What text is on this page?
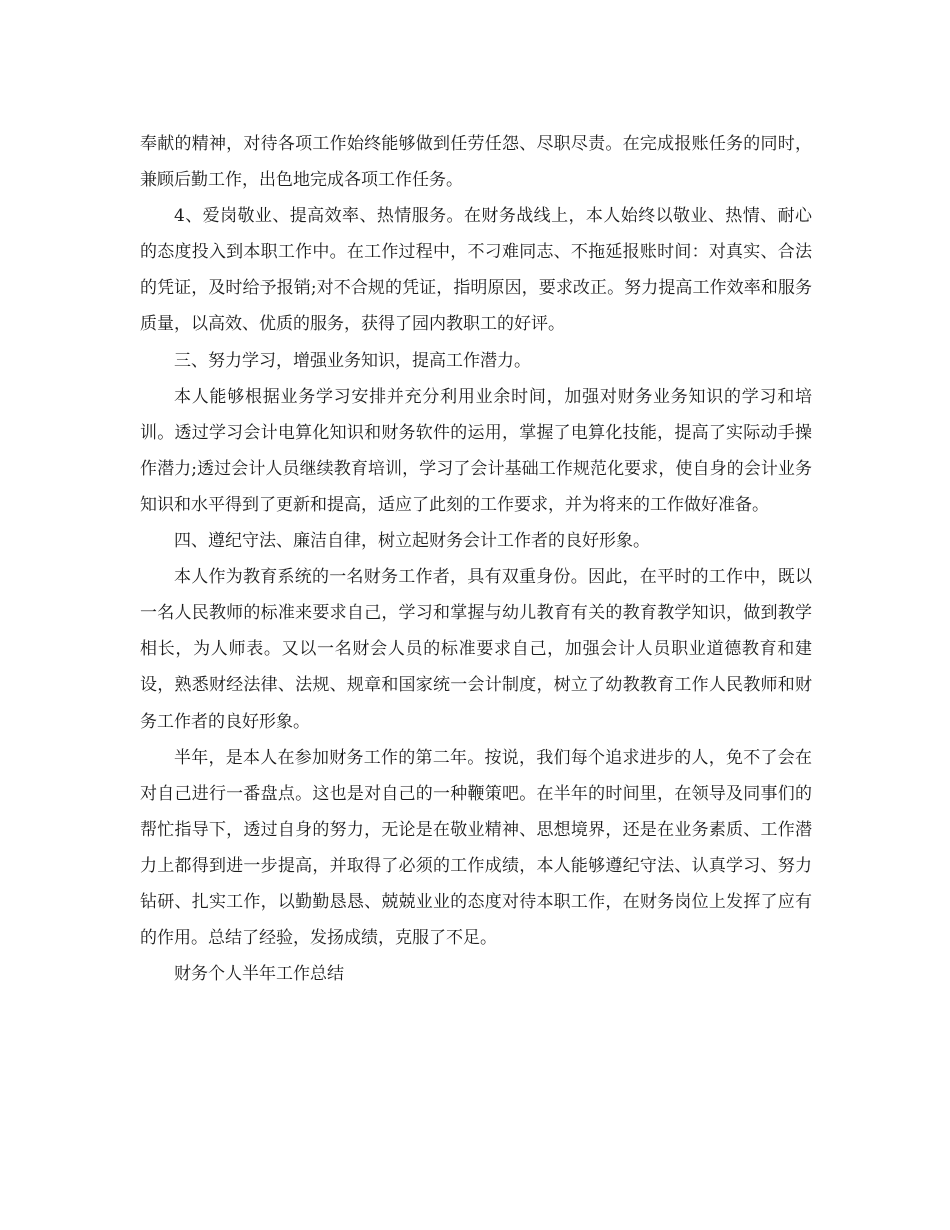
奉献的精神，对待各项工作始终能够做到任劳任怨、尽职尽责。在完成报账任务的同时，兼顾后勤工作，出色地完成各项工作任务。

4、爱岗敬业、提高效率、热情服务。在财务战线上，本人始终以敬业、热情、耐心的态度投入到本职工作中。在工作过程中，不刁难同志、不拖延报账时间：对真实、合法的凭证，及时给予报销;对不合规的凭证，指明原因，要求改正。努力提高工作效率和服务质量，以高效、优质的服务，获得了园内教职工的好评。

三、努力学习，增强业务知识，提高工作潜力。

本人能够根据业务学习安排并充分利用业余时间，加强对财务业务知识的学习和培训。透过学习会计电算化知识和财务软件的运用，掌握了电算化技能，提高了实际动手操作潜力;透过会计人员继续教育培训，学习了会计基础工作规范化要求，使自身的会计业务知识和水平得到了更新和提高，适应了此刻的工作要求，并为将来的工作做好准备。

四、遵纪守法、廉洁自律，树立起财务会计工作者的良好形象。

本人作为教育系统的一名财务工作者，具有双重身份。因此，在平时的工作中，既以一名人民教师的标准来要求自己，学习和掌握与幼儿教育有关的教育教学知识，做到教学相长，为人师表。又以一名财会人员的标准要求自己，加强会计人员职业道德教育和建设，熟悉财经法律、法规、规章和国家统一会计制度，树立了幼教教育工作人民教师和财务工作者的良好形象。

半年，是本人在参加财务工作的第二年。按说，我们每个追求进步的人，免不了会在对自己进行一番盘点。这也是对自己的一种鞭策吧。在半年的时间里，在领导及同事们的帮忙指导下，透过自身的努力，无论是在敬业精神、思想境界，还是在业务素质、工作潜力上都得到进一步提高，并取得了必须的工作成绩，本人能够遵纪守法、认真学习、努力钻研、扎实工作，以勤勤恳恳、兢兢业业的态度对待本职工作，在财务岗位上发挥了应有的作用。总结了经验，发扬成绩，克服了不足。

财务个人半年工作总结
